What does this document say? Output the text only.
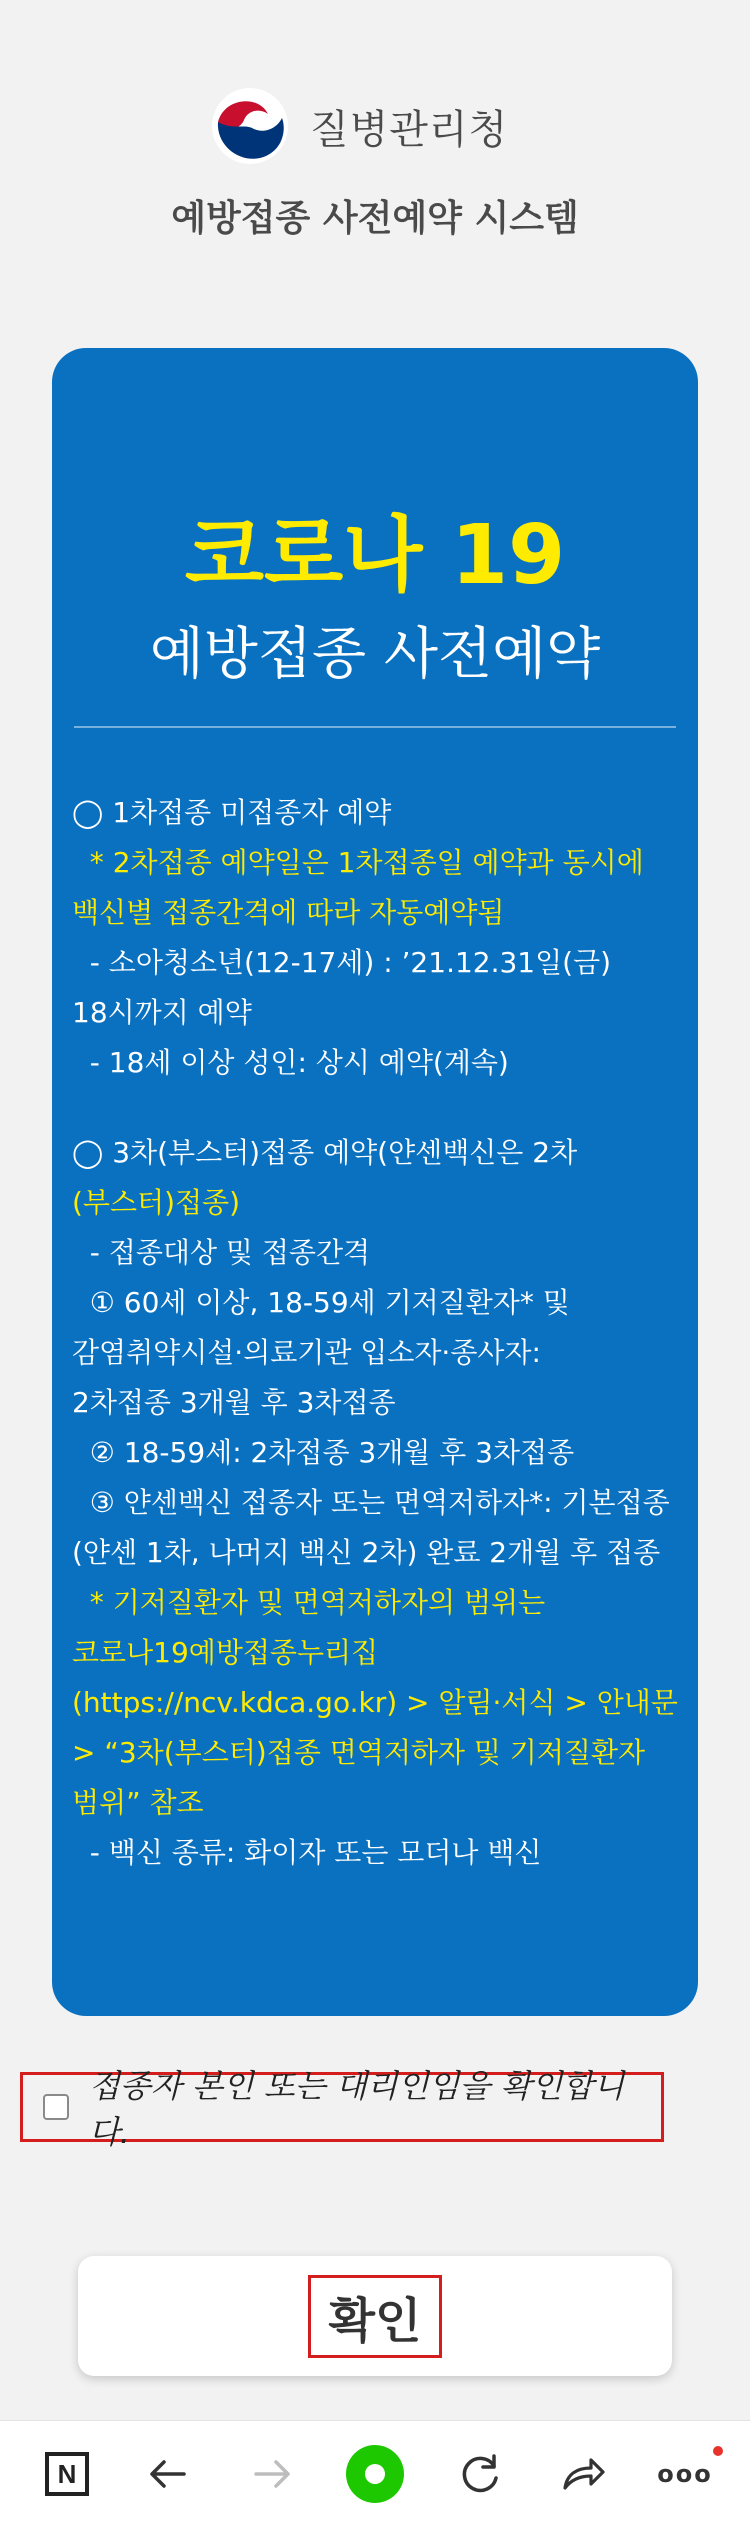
질병관리청
예방접종 사전예약 시스템
코로나 19
예방접종 사전예약

◯ 1차접종 미접종자 예약

* 2차접종 예약일은 1차접종일 예약과 동시에

백신별 접종간격에 따라 자동예약됨

- 소아청소년(12-17세) : ’21.12.31일(금)

18시까지 예약

- 18세 이상 성인: 상시 예약(계속)

◯ 3차(부스터)접종 예약(얀센백신은 2차

(부스터)접종)

- 접종대상 및 접종간격

① 60세 이상, 18-59세 기저질환자* 및

감염취약시설·의료기관 입소자·종사자:

2차접종 3개월 후 3차접종

② 18-59세: 2차접종 3개월 후 3차접종

③ 얀센백신 접종자 또는 면역저하자*: 기본접종

(얀센 1차, 나머지 백신 2차) 완료 2개월 후 접종

* 기저질환자 및 면역저하자의 범위는

코로나19예방접종누리집

(https://ncv.kdca.go.kr) > 알림·서식 > 안내문

> “3차(부스터)접종 면역저하자 및 기저질환자

범위” 참조

- 백신 종류: 화이자 또는 모더나 백신

접종자 본인 또는 대리인임을 확인합니다.
확인
N	ooo
